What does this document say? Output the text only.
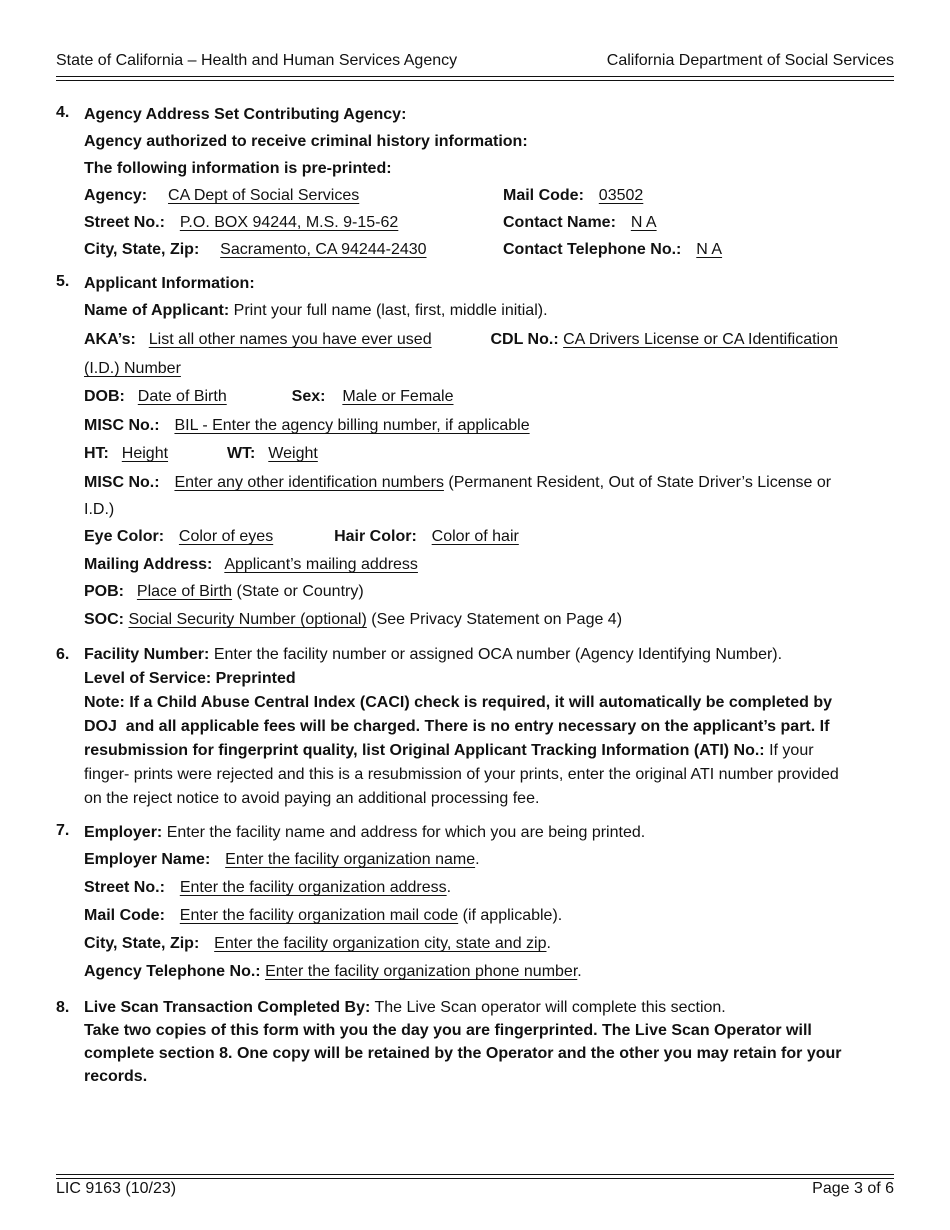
State of California – Health and Human Services Agency	California Department of Social Services
4. Agency Address Set Contributing Agency:
Agency authorized to receive criminal history information:
The following information is pre-printed:
Agency: CA Dept of Social Services	Mail Code: 03502
Street No.: P.O. BOX 94244, M.S. 9-15-62	Contact Name: N A
City, State, Zip: Sacramento, CA 94244-2430	Contact Telephone No.: N A
5. Applicant Information:
Name of Applicant: Print your full name (last, first, middle initial).
AKA’s: List all other names you have ever used	CDL No.: CA Drivers License or CA Identification
(I.D.) Number
DOB: Date of Birth	Sex: Male or Female
MISC No.: BIL - Enter the agency billing number, if applicable
HT: Height	WT: Weight
MISC No.: Enter any other identification numbers (Permanent Resident, Out of State Driver’s License or
I.D.)
Eye Color: Color of eyes	Hair Color: Color of hair
Mailing Address: Applicant’s mailing address
POB: Place of Birth (State or Country)
SOC: Social Security Number (optional) (See Privacy Statement on Page 4)
6. Facility Number: Enter the facility number or assigned OCA number (Agency Identifying Number).
Level of Service: Preprinted
Note: If a Child Abuse Central Index (CACI) check is required, it will automatically be completed by
DOJ  and all applicable fees will be charged. There is no entry necessary on the applicant’s part. If
resubmission for fingerprint quality, list Original Applicant Tracking Information (ATI) No.: If your
finger- prints were rejected and this is a resubmission of your prints, enter the original ATI number provided
on the reject notice to avoid paying an additional processing fee.
7. Employer: Enter the facility name and address for which you are being printed.
Employer Name: Enter the facility organization name.
Street No.: Enter the facility organization address.
Mail Code: Enter the facility organization mail code (if applicable).
City, State, Zip: Enter the facility organization city, state and zip.
Agency Telephone No.: Enter the facility organization phone number.
8. Live Scan Transaction Completed By: The Live Scan operator will complete this section.
Take two copies of this form with you the day you are fingerprinted. The Live Scan Operator will
complete section 8. One copy will be retained by the Operator and the other you may retain for your
records.
LIC 9163 (10/23)	Page 3 of 6
